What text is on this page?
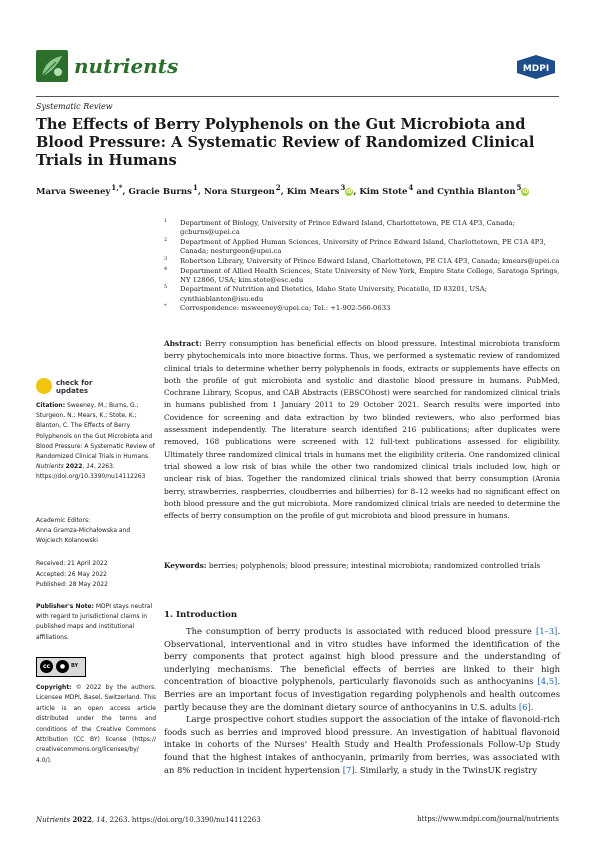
nutrients	MDPI
Systematic Review
The Effects of Berry Polyphenols on the Gut Microbiota and Blood Pressure: A Systematic Review of Randomized Clinical Trials in Humans
Marva Sweeney $^{1,*}$, Gracie Burns $^1$, Nora Sturgeon $^2$, Kim Mears $^3$iD, Kim Stote $^4$ and Cynthia Blanton $^5$iD
1 Department of Biology, University of Prince Edward Island, Charlottetown, PE C1A 4P3, Canada; gcburns@upei.ca
2 Department of Applied Human Sciences, University of Prince Edward Island, Charlottetown, PE C1A 4P3, Canada; nesturgeon@upei.ca
3 Robertson Library, University of Prince Edward Island, Charlottetown, PE C1A 4P3, Canada; kmears@upei.ca
4 Department of Allied Health Sciences, State University of New York, Empire State College, Saratoga Springs, NY 12866, USA; kim.stote@esc.edu
5 Department of Nutrition and Dietetics, Idaho State University, Pocatello, ID 83201, USA; cynthiablanton@isu.edu
* Correspondence: msweeney@upei.ca; Tel.: +1-902-566-0633
Abstract: Berry consumption has beneficial effects on blood pressure. Intestinal microbiota transform berry phytochemicals into more bioactive forms. Thus, we performed a systematic review of randomized clinical trials to determine whether berry polyphenols in foods, extracts or supplements have effects on both the profile of gut microbiota and systolic and diastolic blood pressure in humans. PubMed, Cochrane Library, Scopus, and CAB Abstracts (EBSCOhost) were searched for randomized clinical trials in humans published from 1 January 2011 to 29 October 2021. Search results were imported into Covidence for screening and data extraction by two blinded reviewers, who also performed bias assessment independently. The literature search identified 216 publications; after duplicates were removed, 168 publications were screened with 12 full-text publications assessed for eligibility. Ultimately three randomized clinical trials in humans met the eligibility criteria. One randomized clinical trial showed a low risk of bias while the other two randomized clinical trials included low, high or unclear risk of bias. Together the randomized clinical trials showed that berry consumption (Aronia berry, strawberries, raspberries, cloudberries and bilberries) for 8–12 weeks had no significant effect on both blood pressure and the gut microbiota. More randomized clinical trials are needed to determine the effects of berry consumption on the profile of gut microbiota and blood pressure in humans.
Keywords: berries; polyphenols; blood pressure; intestinal microbiota; randomized controlled trials
check for
updates
Citation: Sweeney, M.; Burns, G.; Sturgeon, N.; Mears, K.; Stote, K.; Blanton, C. The Effects of Berry Polyphenols on the Gut Microbiota and Blood Pressure: A Systematic Review of Randomized Clinical Trials in Humans. Nutrients 2022, 14, 2263. https://doi.org/10.3390/nu14112263
Academic Editors:
Anna Gramza-Michałowska and Wojciech Kolanowski
Received: 21 April 2022
Accepted: 26 May 2022
Published: 28 May 2022
Publisher's Note: MDPI stays neutral with regard to jurisdictional claims in published maps and institutional affiliations.
cc	●	BY
Copyright: © 2022 by the authors. Licensee MDPI, Basel, Switzerland. This article is an open access article distributed under the terms and conditions of the Creative Commons Attribution (CC BY) license (https:// creativecommons.org/licenses/by/ 4.0/).
1. Introduction

The consumption of berry products is associated with reduced blood pressure [1–3]. Observational, interventional and in vitro studies have informed the identification of the berry components that protect against high blood pressure and the understanding of underlying mechanisms. The beneficial effects of berries are linked to their high concentration of bioactive polyphenols, particularly flavonoids such as anthocyanins [4,5]. Berries are an important focus of investigation regarding polyphenols and health outcomes partly because they are the dominant dietary source of anthocyanins in U.S. adults [6].

Large prospective cohort studies support the association of the intake of flavonoid-rich foods such as berries and improved blood pressure. An investigation of habitual flavonoid intake in cohorts of the Nurses' Health Study and Health Professionals Follow-Up Study found that the highest intakes of anthocyanin, primarily from berries, was associated with an 8% reduction in incident hypertension [7]. Similarly, a study in the TwinsUK registry

Nutrients 2022, 14, 2263. https://doi.org/10.3390/nu14112263	https://www.mdpi.com/journal/nutrients
